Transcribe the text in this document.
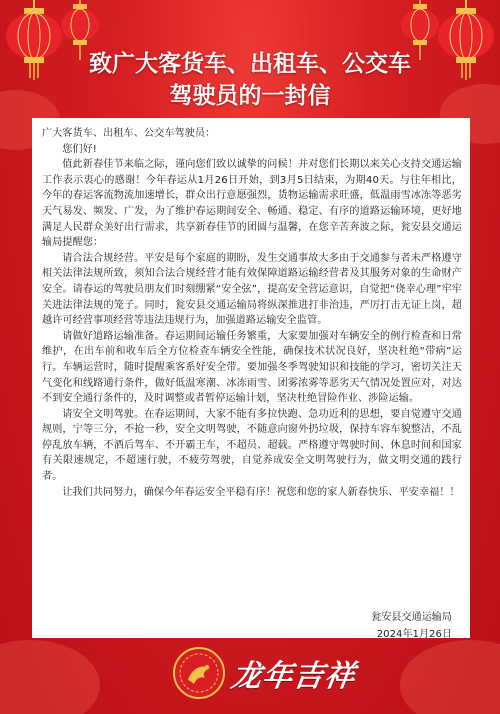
致广大客货车、出租车、公交车
驾驶员的一封信

广大客货车、出租车、公交车驾驶员：

您们好!

值此新春佳节来临之际，谨向您们致以诚挚的问候！并对您们长期以来关心支持交通运输工作表示衷心的感谢！今年春运从1月26日开始，到3月5日结束，为期40天。与往年相比，今年的春运客流物流加速增长，群众出行意愿强烈，货物运输需求旺盛，低温雨雪冰冻等恶劣天气易发、频发、广发，为了维护春运期间安全、畅通、稳定、有序的道路运输环境，更好地满足人民群众美好出行需求，共享新春佳节的团圆与温馨，在您辛苦奔波之际，瓮安县交通运输局提醒您：

请合法合规经营。平安是每个家庭的期盼，发生交通事故大多由于交通参与者未严格遵守相关法律法规所致，须知合法合规经营才能有效保障道路运输经营者及其服务对象的生命财产安全。请春运的驾驶员朋友们时刻绷紧“安全弦”，提高安全营运意识，自觉把“侥幸心理”牢牢关进法律法规的笼子。同时，瓮安县交通运输局将纵深推进打非治违，严厉打击无证上岗，超越许可经营事项经营等违法违规行为，加强道路运输安全监管。

请做好道路运输准备。春运期间运输任务繁重，大家要加强对车辆安全的例行检查和日常维护，在出车前和收车后全方位检查车辆安全性能，确保技术状况良好，坚决杜绝“带病”运行。车辆运营时，随时提醒乘客系好安全带。要加强冬季驾驶知识和技能的学习，密切关注天气变化和线路通行条件，做好低温寒潮、冰冻雨雪、团雾浓雾等恶劣天气情况处置应对，对达不到安全通行条件的，及时调整或者暂停运输计划，坚决杜绝冒险作业、涉险运输。

请安全文明驾驶。在春运期间，大家不能有多拉快跑、急功近利的思想，要自觉遵守交通规则，宁等三分，不抢一秒，安全文明驾驶，不随意向窗外扔垃圾，保持车容车貌整洁，不乱停乱放车辆，不酒后驾车、不开霸王车，不超员、超载。严格遵守驾驶时间、休息时间和国家有关限速规定，不超速行驶，不疲劳驾驶，自觉养成安全文明驾驶行为，做文明交通的践行者。

让我们共同努力，确保今年春运安全平稳有序！祝您和您的家人新春快乐、平安幸福！！

瓮安县交通运输局
2024年1月26日
龙年吉祥
